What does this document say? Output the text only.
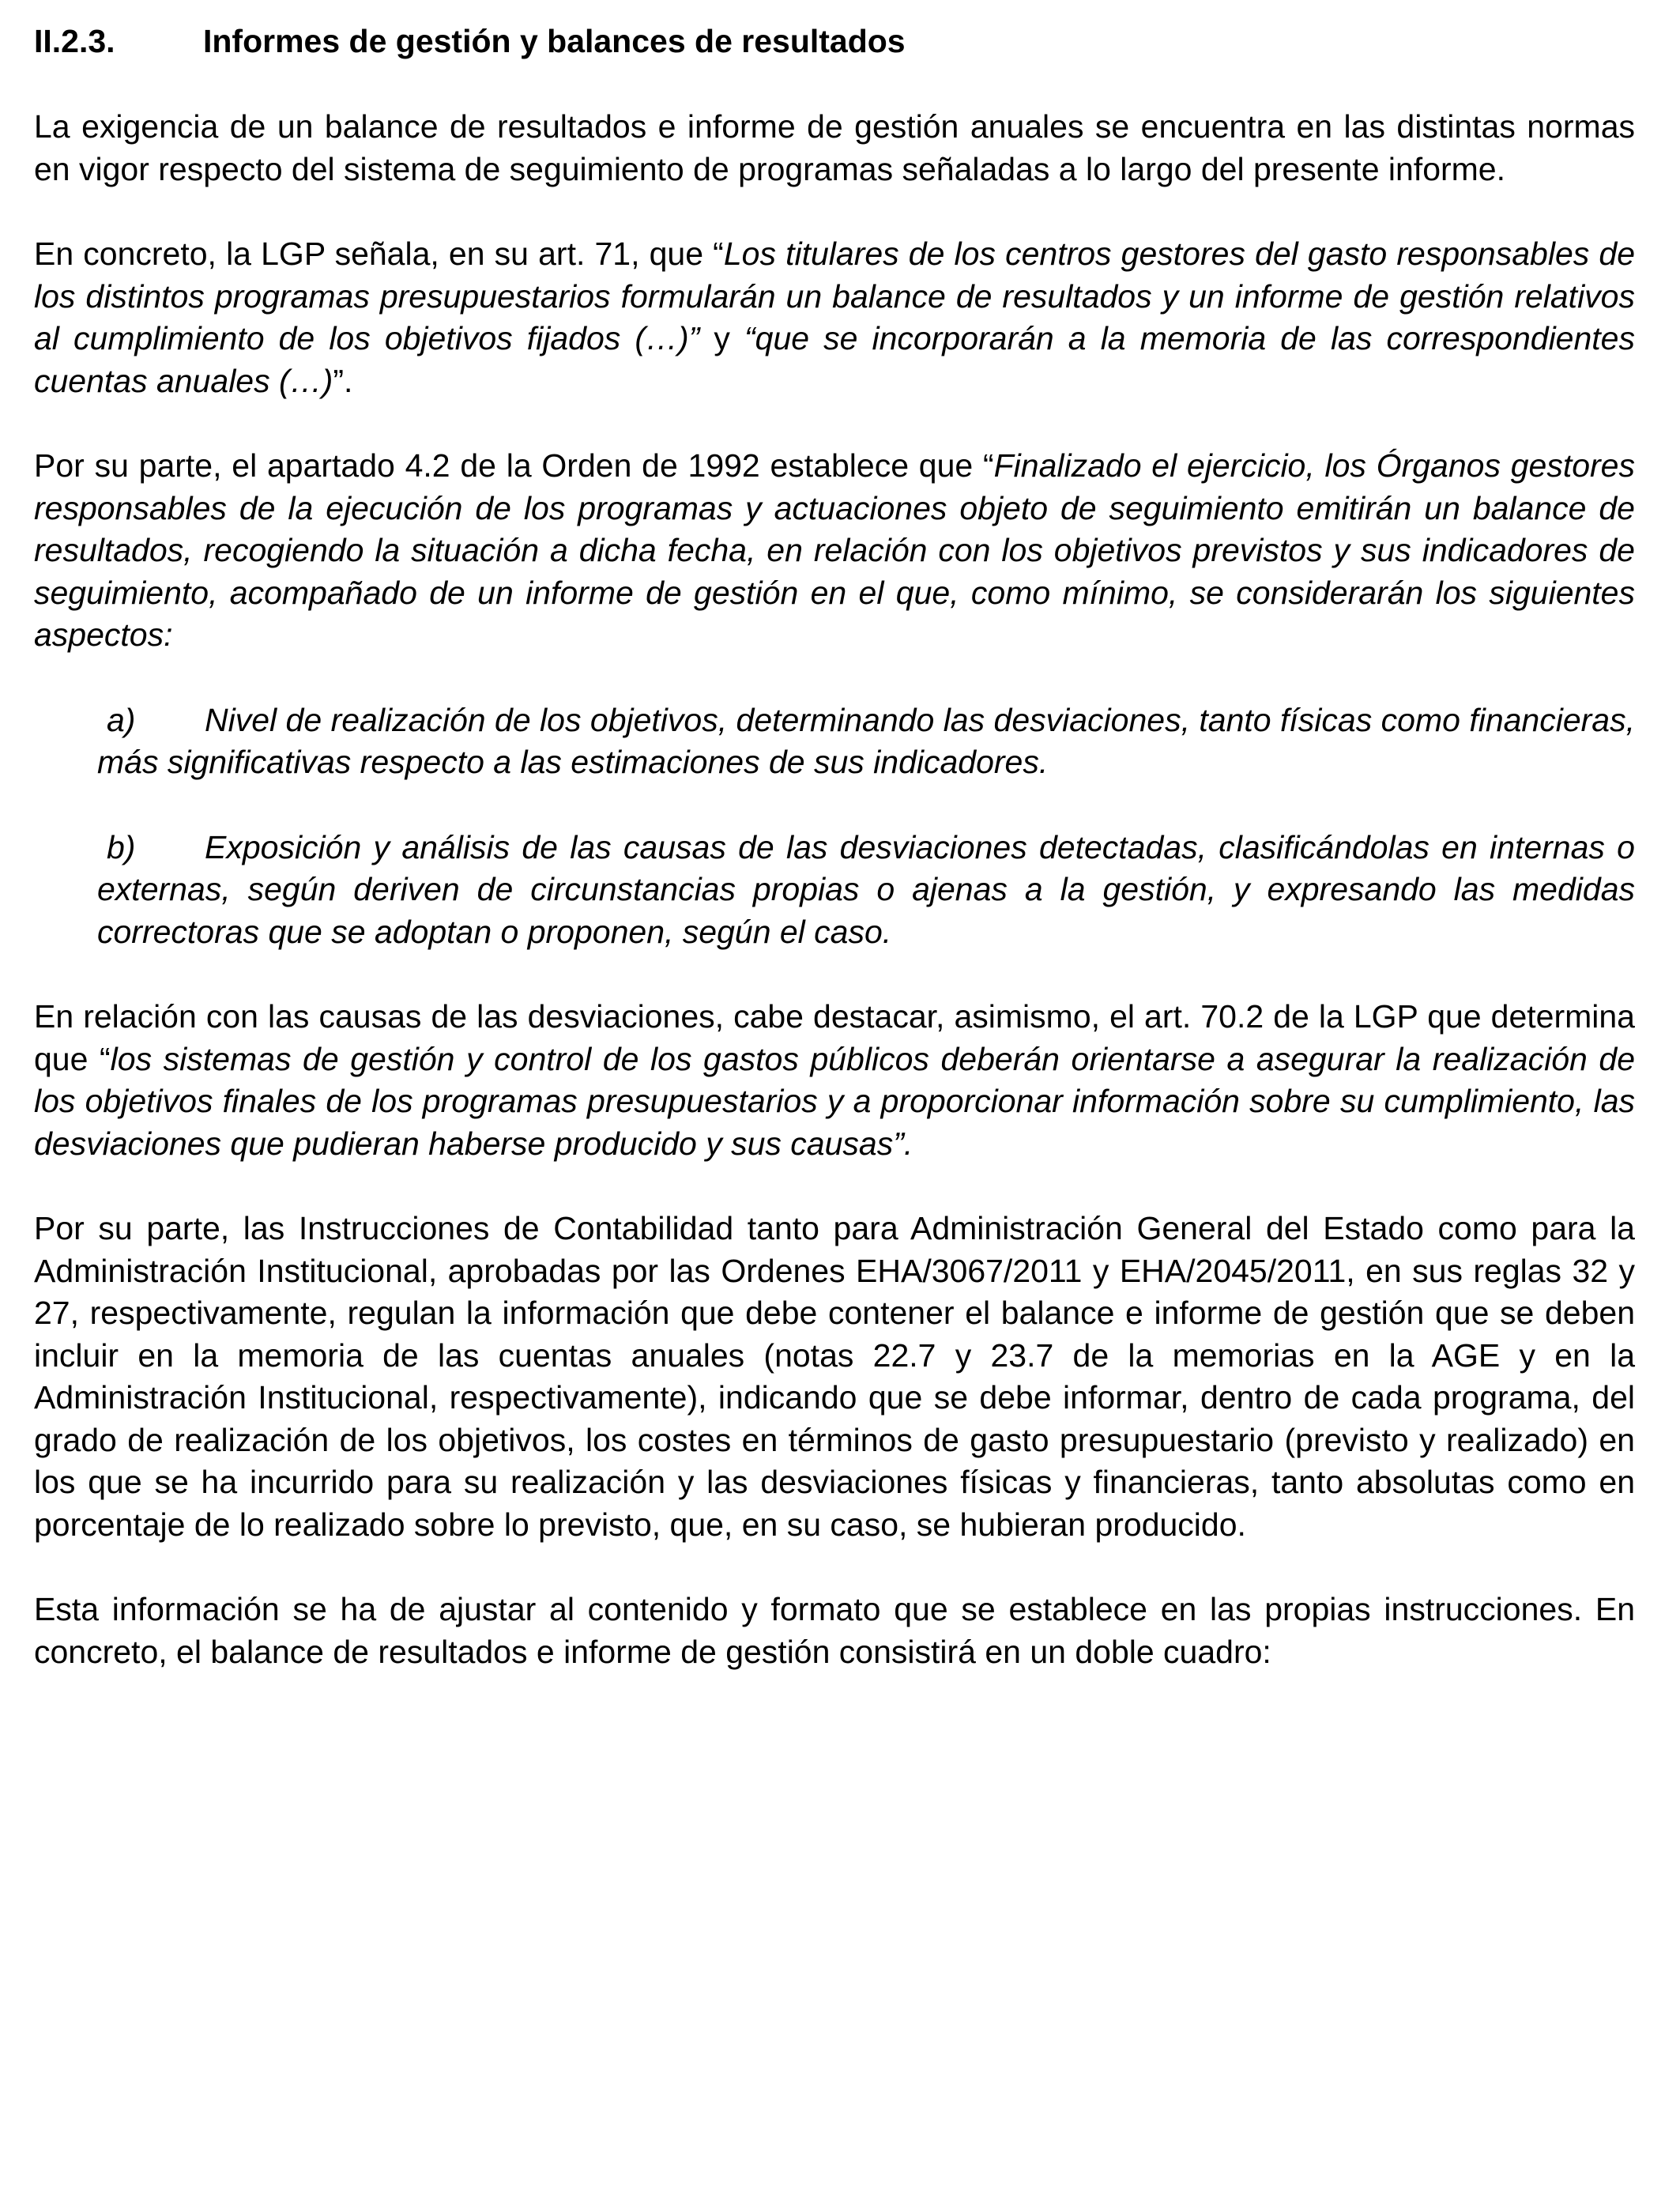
II.2.3.	Informes de gestión y balances de resultados

La exigencia de un balance de resultados e informe de gestión anuales se encuentra en las distintas normas en vigor respecto del sistema de seguimiento de programas señaladas a lo largo del presente informe.

En concreto, la LGP señala, en su art. 71, que “Los titulares de los centros gestores del gasto responsables de los distintos programas presupuestarios formularán un balance de resultados y un informe de gestión relativos al cumplimiento de los objetivos fijados (…)” y “que se incorporarán a la memoria de las correspondientes cuentas anuales (…)”.

Por su parte, el apartado 4.2 de la Orden de 1992 establece que “Finalizado el ejercicio, los Órganos gestores responsables de la ejecución de los programas y actuaciones objeto de seguimiento emitirán un balance de resultados, recogiendo la situación a dicha fecha, en relación con los objetivos previstos y sus indicadores de seguimiento, acompañado de un informe de gestión en el que, como mínimo, se considerarán los siguientes aspectos:

a) Nivel de realización de los objetivos, determinando las desviaciones, tanto físicas como financieras, más significativas respecto a las estimaciones de sus indicadores.

b) Exposición y análisis de las causas de las desviaciones detectadas, clasificándolas en internas o externas, según deriven de circunstancias propias o ajenas a la gestión, y expresando las medidas correctoras que se adoptan o proponen, según el caso.

En relación con las causas de las desviaciones, cabe destacar, asimismo, el art. 70.2 de la LGP que determina que “los sistemas de gestión y control de los gastos públicos deberán orientarse a asegurar la realización de los objetivos finales de los programas presupuestarios y a proporcionar información sobre su cumplimiento, las desviaciones que pudieran haberse producido y sus causas”.

Por su parte, las Instrucciones de Contabilidad tanto para Administración General del Estado como para la Administración Institucional, aprobadas por las Ordenes EHA/3067/2011 y EHA/2045/2011, en sus reglas 32 y 27, respectivamente, regulan la información que debe contener el balance e informe de gestión que se deben incluir en la memoria de las cuentas anuales (notas 22.7 y 23.7 de la memorias en la AGE y en la Administración Institucional, respectivamente), indicando que se debe informar, dentro de cada programa, del grado de realización de los objetivos, los costes en términos de gasto presupuestario (previsto y realizado) en los que se ha incurrido para su realización y las desviaciones físicas y financieras, tanto absolutas como en porcentaje de lo realizado sobre lo previsto, que, en su caso, se hubieran producido.

Esta información se ha de ajustar al contenido y formato que se establece en las propias instrucciones. En concreto, el balance de resultados e informe de gestión consistirá en un doble cuadro:
